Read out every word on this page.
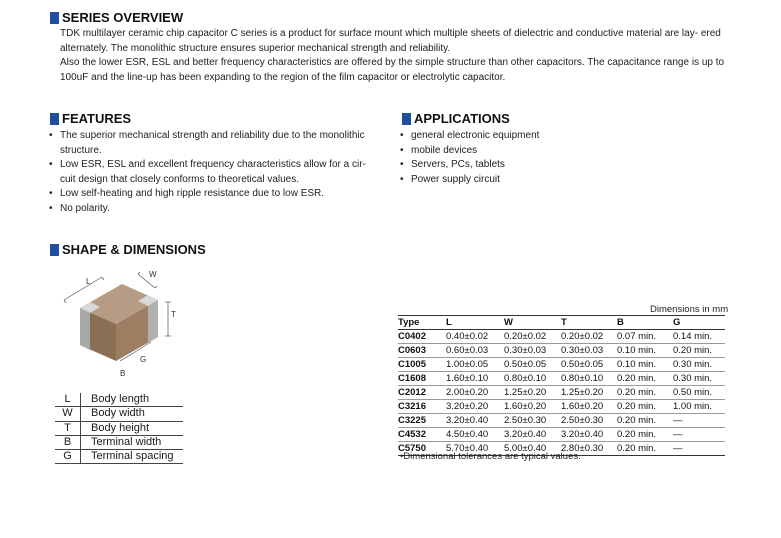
SERIES OVERVIEW

TDK multilayer ceramic chip capacitor C series is a product for surface mount which multiple sheets of dielectric and conductive material are lay- ered alternately. The monolithic structure ensures superior mechanical strength and reliability.

Also the lower ESR, ESL and better frequency characteristics are offered by the simple structure than other capacitors. The capacitance range is up to 100uF and the line-up has been expanding to the region of the film capacitor or electrolytic capacitor.

FEATURES
• The superior mechanical strength and reliability due to the monolithic structure.
• Low ESR, ESL and excellent frequency characteristics allow for a cir- cuit design that closely conforms to theoretical values.
• Low self-heating and high ripple resistance due to low ESR.
• No polarity.
APPLICATIONS
• general electronic equipment
• mobile devices
• Servers, PCs, tablets
• Power supply circuit
SHAPE & DIMENSIONS
L
W
T
B
G
L	Body length
W	Body width
T	Body height
B	Terminal width
G	Terminal spacing
Dimensions in mm
Type	L	W	T	B	G
C0402	0.40±0.02	0.20±0.02	0.20±0.02	0.07 min.	0.14 min.
C0603	0.60±0.03	0.30±0.03	0.30±0.03	0.10 min.	0.20 min.
C1005	1.00±0.05	0.50±0.05	0.50±0.05	0.10 min.	0.30 min.
C1608	1.60±0.10	0.80±0.10	0.80±0.10	0.20 min.	0.30 min.
C2012	2.00±0.20	1.25±0.20	1.25±0.20	0.20 min.	0.50 min.
C3216	3.20±0.20	1.60±0.20	1.60±0.20	0.20 min.	1.00 min.
C3225	3.20±0.40	2.50±0.30	2.50±0.30	0.20 min.	—
C4532	4.50±0.40	3.20±0.40	3.20±0.40	0.20 min.	—
C5750	5.70±0.40	5.00±0.40	2.80±0.30	0.20 min.	—
•Dimensional tolerances are typical values.
